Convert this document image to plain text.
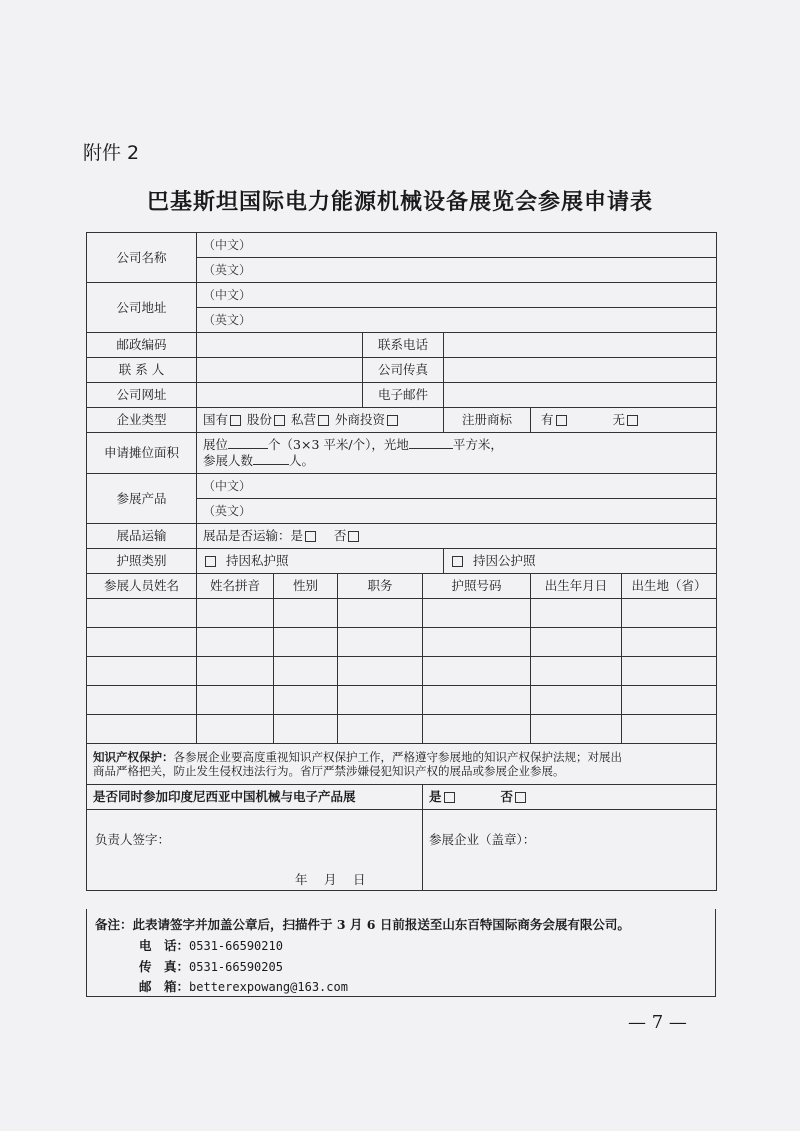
附件 2
巴基斯坦国际电力能源机械设备展览会参展申请表
公司名称	（中文）							
	（英文）							
公司地址	（中文）							
	（英文）							
邮政编码				联系电话				
联 系 人				公司传真				
公司网址				电子邮件				
企业类型	国有 股份 私营 外商投资					注册商标	有 无	
申请摊位面积	展位 个（3×3 平米/个），光地 平方米，
参展人数 人。							
参展产品	（中文）							
	（英文）							
展品运输	展品是否运输：是 否							
护照类别	持因私护照					持因公护照		
参展人员姓名	姓名拼音	性别	职务		护照号码		出生年月日	出生地（省）

知识产权保护：各参展企业要高度重视知识产权保护工作，严格遵守参展地的知识产权保护法规；对展出
商品严格把关，防止发生侵权违法行为。省厅严禁涉嫌侵犯知识产权的展品或参展企业参展。								
是否同时参加印度尼西亚中国机械与电子产品展					是 否			

负责人签字：
年　 月　 日					参展企业（盖章）：			
备注：此表请签字并加盖公章后，扫描件于 3 月 6 日前报送至山东百特国际商务会展有限公司。
电　话：0531-66590210
传　真：0531-66590205
邮　箱：betterexpowang@163.com
— 7 —
